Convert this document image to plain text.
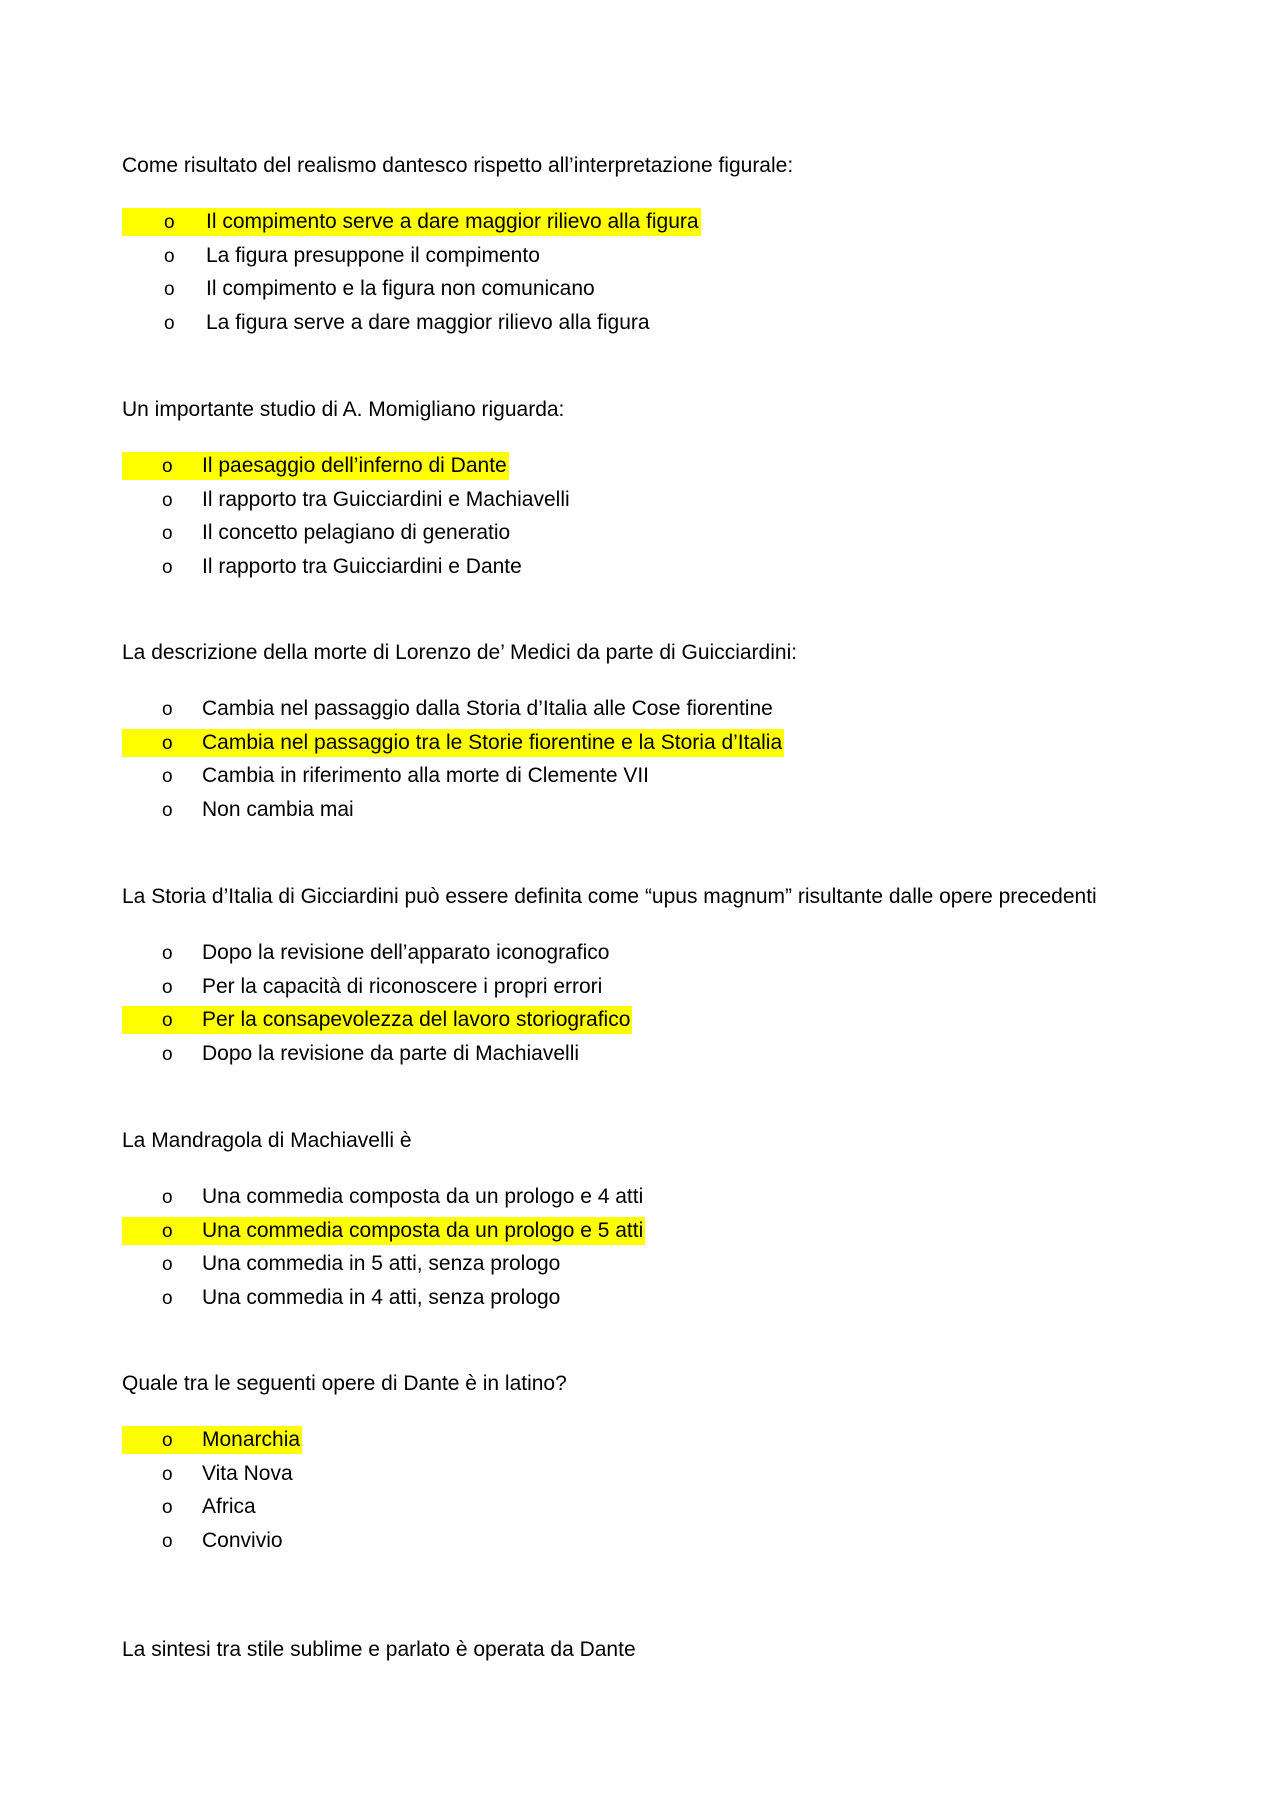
Come risultato del realismo dantesco rispetto all’interpretazione figurale:

o Il compimento serve a dare maggior rilievo alla figura
o La figura presuppone il compimento
o Il compimento e la figura non comunicano
o La figura serve a dare maggior rilievo alla figura

Un importante studio di A. Momigliano riguarda:

o Il paesaggio dell’inferno di Dante
o Il rapporto tra Guicciardini e Machiavelli
o Il concetto pelagiano di generatio
o Il rapporto tra Guicciardini e Dante

La descrizione della morte di Lorenzo de’ Medici da parte di Guicciardini:

o Cambia nel passaggio dalla Storia d’Italia alle Cose fiorentine
o Cambia nel passaggio tra le Storie fiorentine e la Storia d’Italia
o Cambia in riferimento alla morte di Clemente VII
o Non cambia mai

La Storia d’Italia di Gicciardini può essere definita come “upus magnum” risultante dalle opere precedenti

o Dopo la revisione dell’apparato iconografico
o Per la capacità di riconoscere i propri errori
o Per la consapevolezza del lavoro storiografico
o Dopo la revisione da parte di Machiavelli

La Mandragola di Machiavelli è

o Una commedia composta da un prologo e 4 atti
o Una commedia composta da un prologo e 5 atti
o Una commedia in 5 atti, senza prologo
o Una commedia in 4 atti, senza prologo

Quale tra le seguenti opere di Dante è in latino?

o Monarchia
o Vita Nova
o Africa
o Convivio

La sintesi tra stile sublime e parlato è operata da Dante
